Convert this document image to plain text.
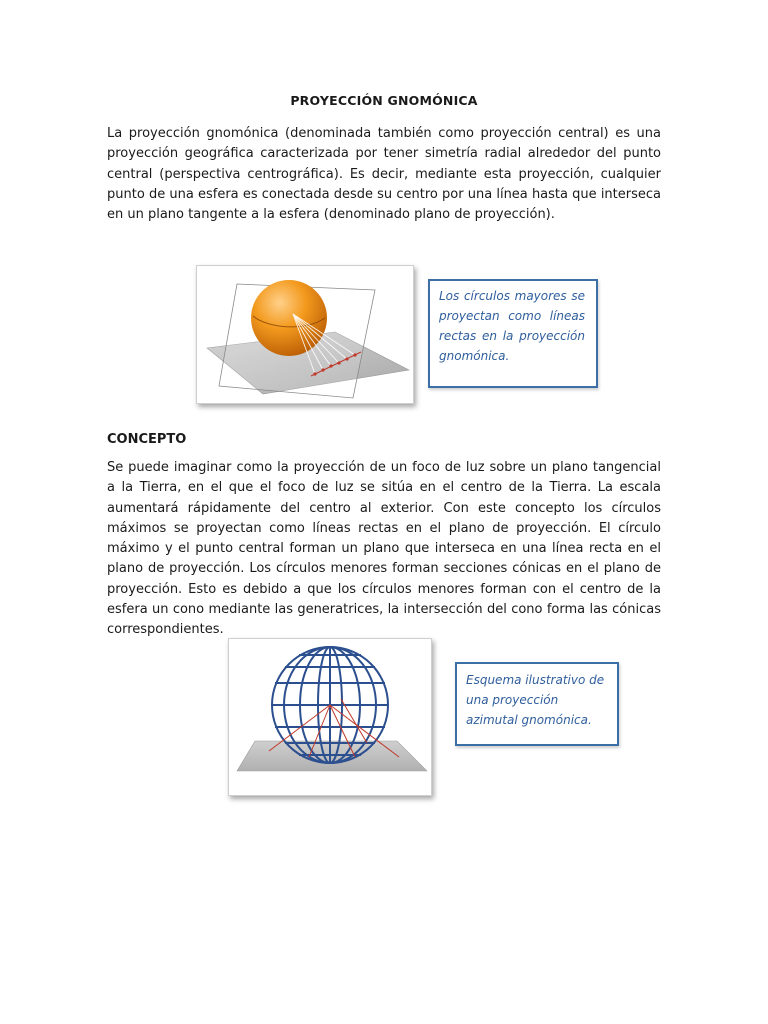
PROYECCIÓN GNOMÓNICA
La proyección gnomónica (denominada también como proyección central) es una proyección geográfica caracterizada por tener simetría radial alrededor del punto central (perspectiva centrográfica). Es decir, mediante esta proyección, cualquier punto de una esfera es conectada desde su centro por una línea hasta que interseca en un plano tangente a la esfera (denominado plano de proyección).
Los círculos mayores se proyectan como líneas rectas en la proyección gnomónica.
CONCEPTO
Se puede imaginar como la proyección de un foco de luz sobre un plano tangencial a la Tierra, en el que el foco de luz se sitúa en el centro de la Tierra. La escala aumentará rápidamente del centro al exterior. Con este concepto los círculos máximos se proyectan como líneas rectas en el plano de proyección. El círculo máximo y el punto central forman un plano que interseca en una línea recta en el plano de proyección. Los círculos menores forman secciones cónicas en el plano de proyección. Esto es debido a que los círculos menores forman con el centro de la esfera un cono mediante las generatrices, la intersección del cono forma las cónicas correspondientes.
Esquema ilustrativo de una proyección azimutal gnomónica.
